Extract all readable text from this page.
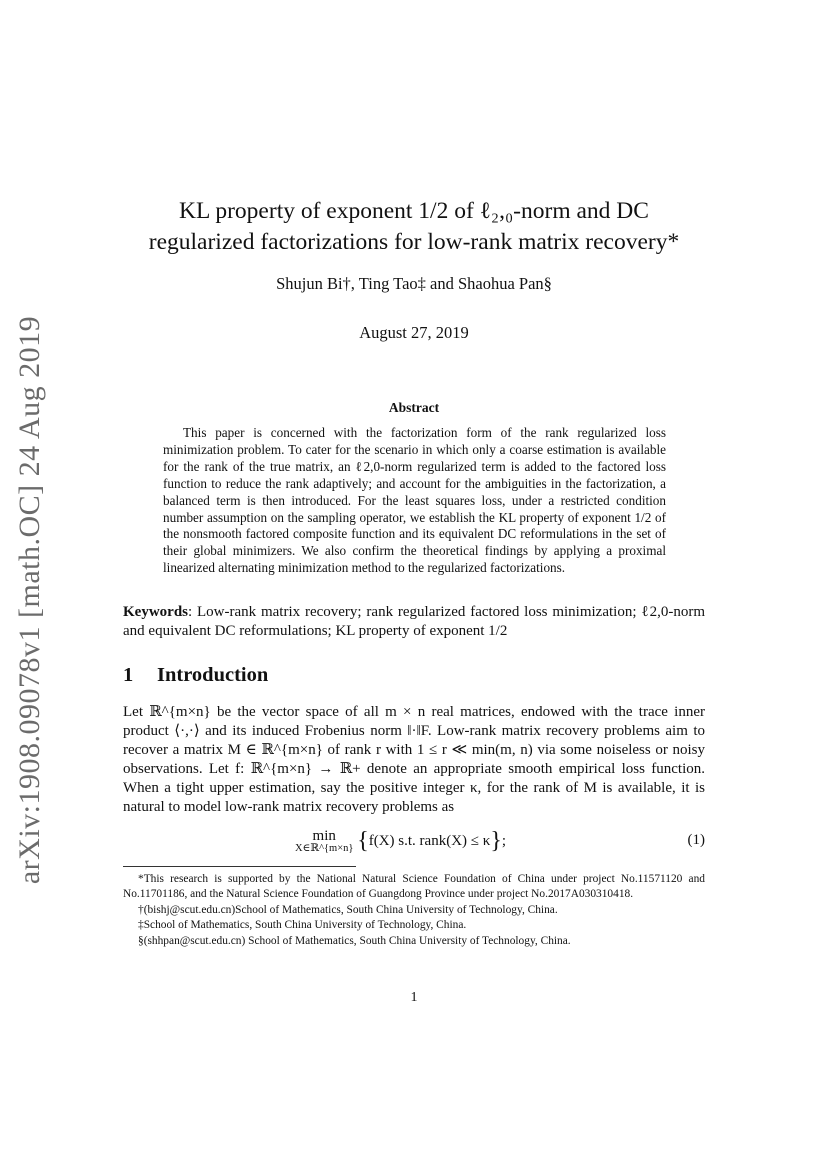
arXiv:1908.09078v1 [math.OC] 24 Aug 2019
KL property of exponent 1/2 of ℓ₂,₀-norm and DC
regularized factorizations for low-rank matrix recovery*
Shujun Bi†, Ting Tao‡ and Shaohua Pan§
August 27, 2019
Abstract
This paper is concerned with the factorization form of the rank regularized loss minimization problem. To cater for the scenario in which only a coarse estimation is available for the rank of the true matrix, an ℓ2,0-norm regularized term is added to the factored loss function to reduce the rank adaptively; and account for the ambiguities in the factorization, a balanced term is then introduced. For the least squares loss, under a restricted condition number assumption on the sampling operator, we establish the KL property of exponent 1/2 of the nonsmooth factored composite function and its equivalent DC reformulations in the set of their global minimizers. We also confirm the theoretical findings by applying a proximal linearized alternating minimization method to the regularized factorizations.
Keywords: Low-rank matrix recovery; rank regularized factored loss minimization; ℓ2,0-norm and equivalent DC reformulations; KL property of exponent 1/2
1 Introduction
Let ℝ^{m×n} be the vector space of all m × n real matrices, endowed with the trace inner product ⟨·,·⟩ and its induced Frobenius norm ‖·‖F. Low-rank matrix recovery problems aim to recover a matrix M ∈ ℝ^{m×n} of rank r with 1 ≤ r ≪ min(m, n) via some noiseless or noisy observations. Let f: ℝ^{m×n} → ℝ+ denote an appropriate smooth empirical loss function. When a tight upper estimation, say the positive integer κ, for the rank of M is available, it is natural to model low-rank matrix recovery problems as
min
X∈ℝ^{m×n} {f(X) s.t. rank(X) ≤ κ};	(1)

*This research is supported by the National Natural Science Foundation of China under project No.11571120 and No.11701186, and the Natural Science Foundation of Guangdong Province under project No.2017A030310418.

†(bishj@scut.edu.cn)School of Mathematics, South China University of Technology, China.

‡School of Mathematics, South China University of Technology, China.

§(shhpan@scut.edu.cn) School of Mathematics, South China University of Technology, China.

1
